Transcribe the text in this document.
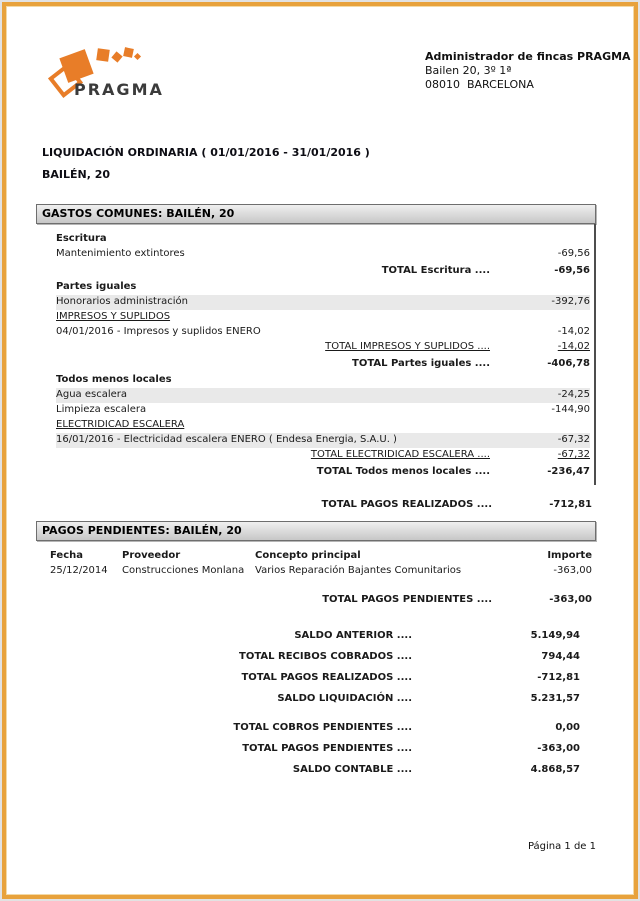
PRAGMA
Administrador de fincas PRAGMA
Bailen 20, 3º 1ª
08010  BARCELONA
LIQUIDACIÓN ORDINARIA ( 01/01/2016 - 31/01/2016 )
BAILÉN, 20
GASTOS COMUNES: BAILÉN, 20
Escritura
Mantenimiento extintores	-69,56
TOTAL Escritura ....	-69,56
Partes iguales
Honorarios administración	-392,76
IMPRESOS Y SUPLIDOS
04/01/2016 - Impresos y suplidos ENERO	-14,02
TOTAL IMPRESOS Y SUPLIDOS ....	-14,02
TOTAL Partes iguales ....	-406,78
Todos menos locales
Agua escalera	-24,25
Limpieza escalera	-144,90
ELECTRIDICAD ESCALERA
16/01/2016 - Electricidad escalera ENERO ( Endesa Energia, S.A.U. )	-67,32
TOTAL ELECTRIDICAD ESCALERA ....	-67,32
TOTAL Todos menos locales ....	-236,47
TOTAL PAGOS REALIZADOS ....	-712,81
PAGOS PENDIENTES: BAILÉN, 20
Fecha	Proveedor	Concepto principal	Importe
25/12/2014	Construcciones Monlana	Varios Reparación Bajantes Comunitarios	-363,00
TOTAL PAGOS PENDIENTES ....	-363,00
SALDO ANTERIOR ....	5.149,94
TOTAL RECIBOS COBRADOS ....	794,44
TOTAL PAGOS REALIZADOS ....	-712,81
SALDO LIQUIDACIÓN ....	5.231,57
TOTAL COBROS PENDIENTES ....	0,00
TOTAL PAGOS PENDIENTES ....	-363,00
SALDO CONTABLE ....	4.868,57
Página 1 de 1
